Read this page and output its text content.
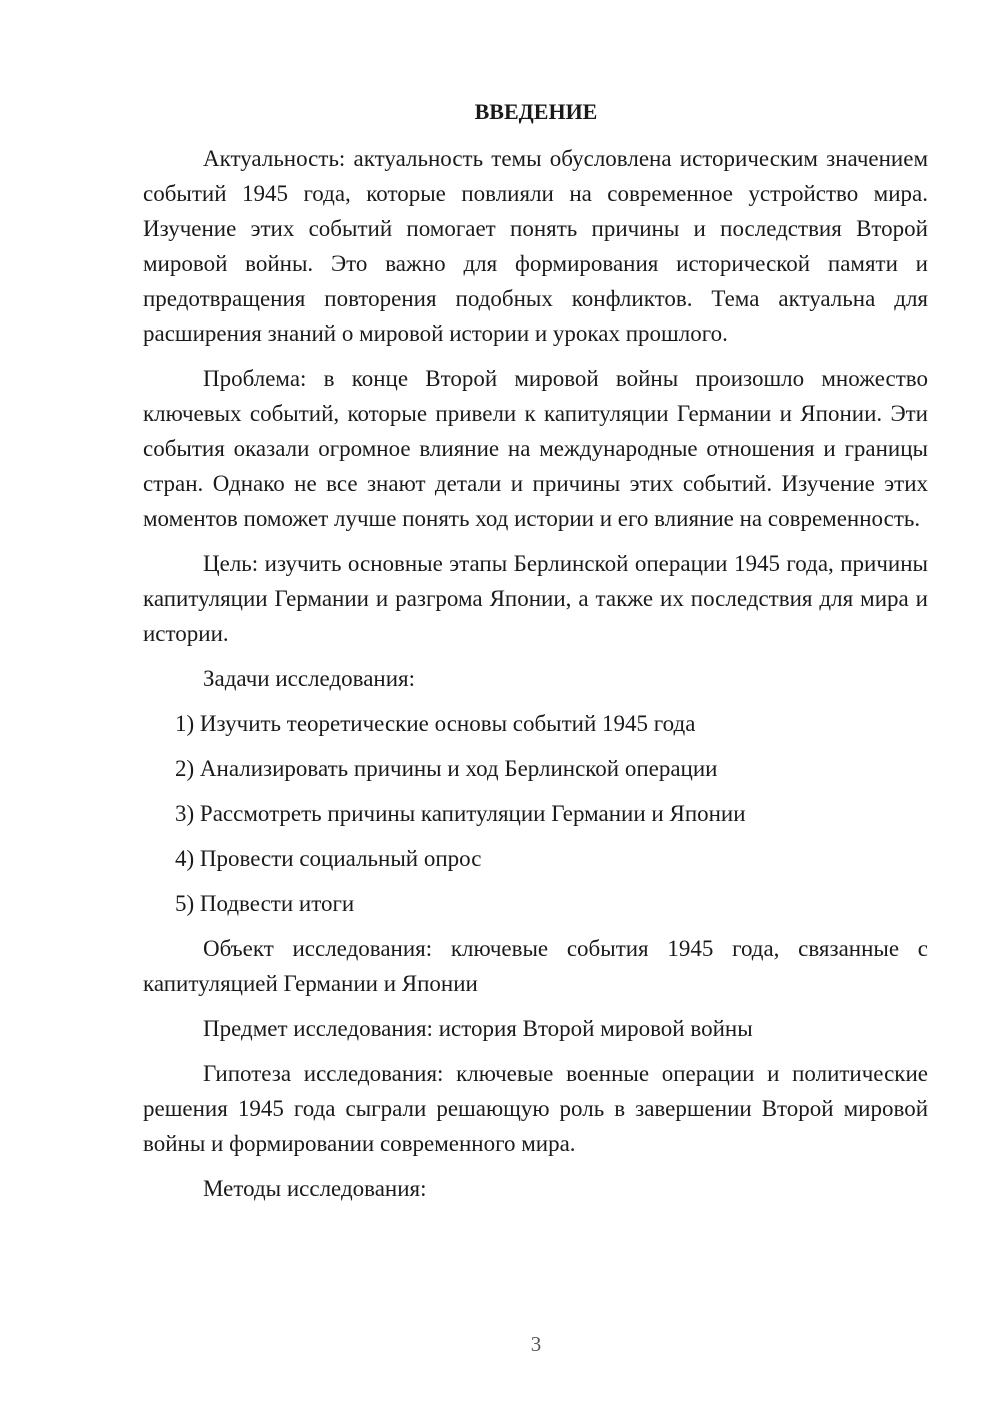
ВВЕДЕНИЕ

Актуальность: актуальность темы обусловлена историческим значением событий 1945 года, которые повлияли на современное устройство мира. Изучение этих событий помогает понять причины и последствия Второй мировой войны. Это важно для формирования исторической памяти и предотвращения повторения подобных конфликтов. Тема актуальна для расширения знаний о мировой истории и уроках прошлого.

Проблема: в конце Второй мировой войны произошло множество ключевых событий, которые привели к капитуляции Германии и Японии. Эти события оказали огромное влияние на международные отношения и границы стран. Однако не все знают детали и причины этих событий. Изучение этих моментов поможет лучше понять ход истории и его влияние на современность.

Цель: изучить основные этапы Берлинской операции 1945 года, причины капитуляции Германии и разгрома Японии, а также их последствия для мира и истории.

Задачи исследования:

1) Изучить теоретические основы событий 1945 года

2) Анализировать причины и ход Берлинской операции

3) Рассмотреть причины капитуляции Германии и Японии

4) Провести социальный опрос

5) Подвести итоги

Объект исследования: ключевые события 1945 года, связанные с капитуляцией Германии и Японии

Предмет исследования: история Второй мировой войны

Гипотеза исследования: ключевые военные операции и политические решения 1945 года сыграли решающую роль в завершении Второй мировой войны и формировании современного мира.

Методы исследования:

3
